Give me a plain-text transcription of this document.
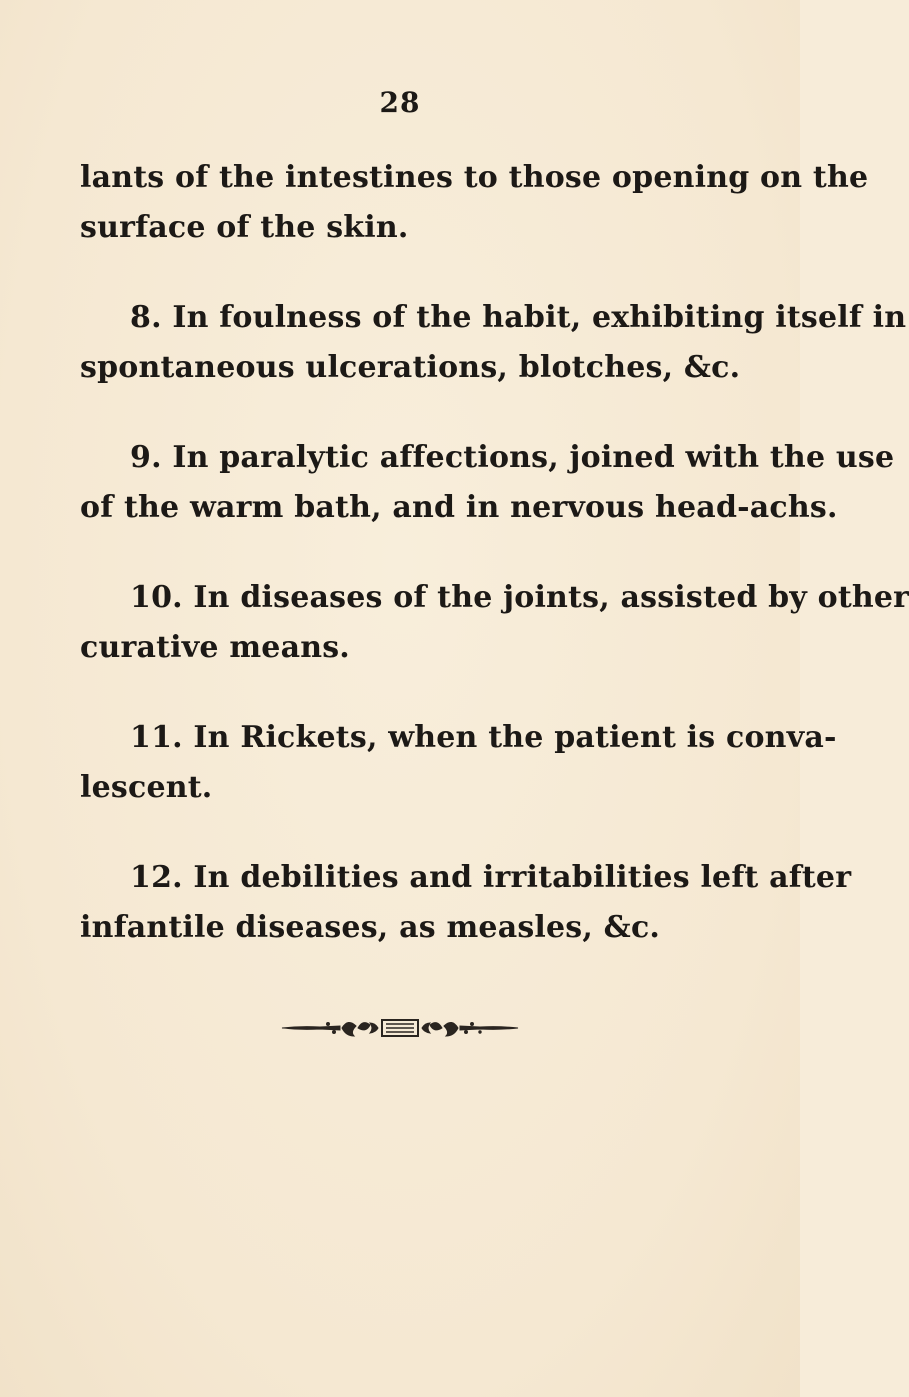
28
lants of the intestines to those opening on the
surface of the skin.
8. In foulness of the habit, exhibiting itself in
spontaneous ulcerations, blotches, &c.
9. In paralytic affections, joined with the use
of the warm bath, and in nervous head-achs.
10. In diseases of the joints, assisted by other
curative means.
11. In Rickets, when the patient is conva-
lescent.
12. In debilities and irritabilities left after
infantile diseases, as measles, &c.
